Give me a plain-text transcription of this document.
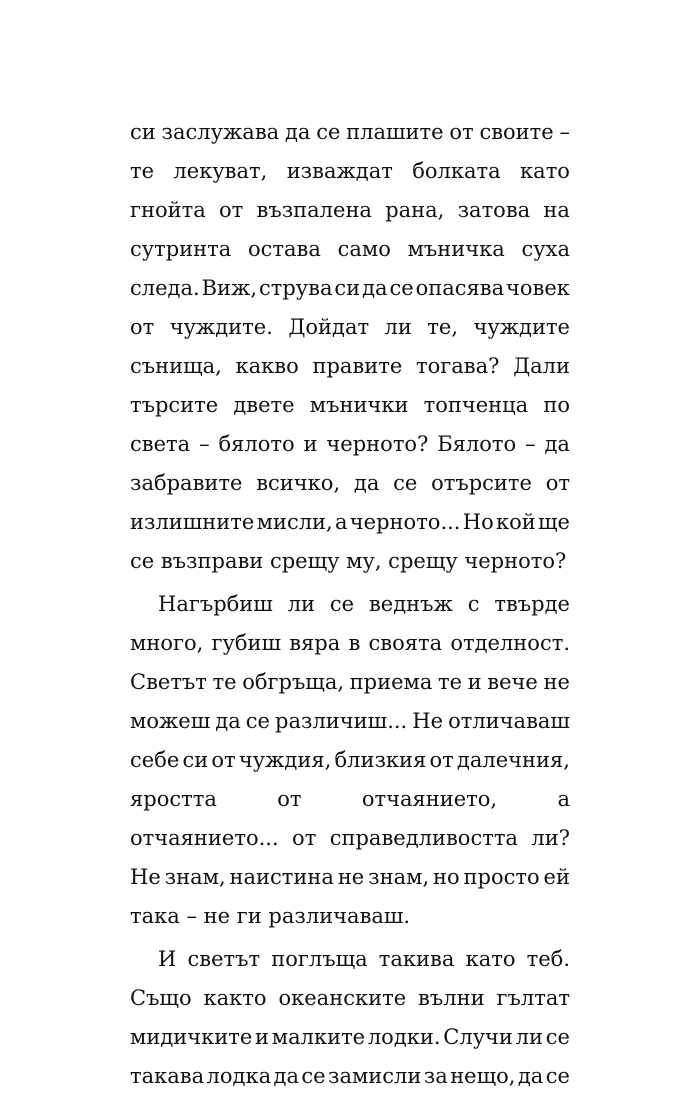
си заслужава да се плашите от своите –
те лекуват, изваждат болката като
гнойта от възпалена рана, затова на
сутринта остава само мъничка суха
следа. Виж, струва си да се опасява човек
от чуждите. Дойдат ли те, чуждите
сънища, какво правите тогава? Дали
търсите двете мънички топченца по
света – бялото и черното? Бялото – да
забравите всичко, да се отърсите от
излишните мисли, а черното... Но кой ще
се възправи срещу му, срещу черното?
Нагърбиш ли се веднъж с твърде
много, губиш вяра в своята отделност.
Светът те обгръща, приема те и вече не
можеш да се различиш... Не отличаваш
себе си от чуждия, близкия от далечния,
яростта	от	отчаянието,	а
отчаянието... от справедливостта ли?
Не знам, наистина не знам, но просто ей
така – не ги различаваш.
И светът поглъща такива като теб.
Също както океанските вълни гълтат
мидичките и малките лодки. Случи ли се
такава лодка да се замисли за нещо, да се
